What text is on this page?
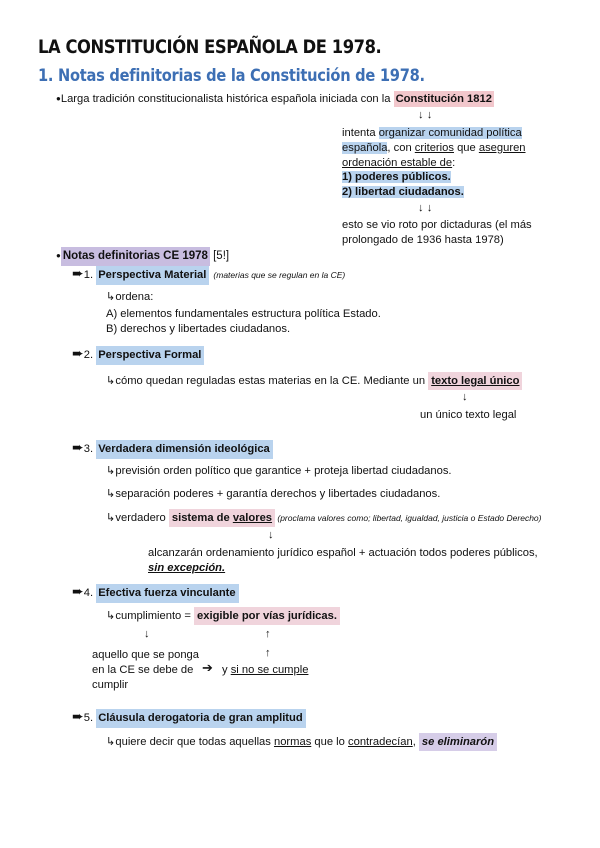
LA CONSTITUCIÓN ESPAÑOLA DE 1978.
1. Notas definitorias de la Constitución de 1978.
●Larga tradición constitucionalista histórica española iniciada con la Constitución 1812
↓ ↓
intenta organizar comunidad política
española, con criterios que aseguren
ordenación estable de:
1) poderes públicos.
2) libertad ciudadanos.
↓ ↓
esto se vio roto por dictaduras (el más
prolongado de 1936 hasta 1978)
● Notas definitorias CE 1978 [5!]
➨1. Perspectiva Material (materias que se regulan en la CE)
↳ordena:
A) elementos fundamentales estructura política Estado.
B) derechos y libertades ciudadanos.
➨2. Perspectiva Formal
↳cómo quedan reguladas estas materias en la CE. Mediante un texto legal único
↓
un único texto legal
➨3. Verdadera dimensión ideológica
↳previsión orden político que garantice + proteja libertad ciudadanos.
↳separación poderes + garantía derechos y libertades ciudadanos.
↳verdadero sistema de valores (proclama valores como; libertad, igualdad, justicia o Estado Derecho)
↓
alcanzarán ordenamiento jurídico español + actuación todos poderes públicos,
sin excepción.
➨4. Efectiva fuerza vinculante
↳cumplimiento = exigible por vías jurídicas.
↓	↑
aquello que se ponga	↑
en la CE se debe de ➔ y si no se cumple
cumplir
➨5. Cláusula derogatoria de gran amplitud
↳quiere decir que todas aquellas normas que lo contradecían, se eliminarón
